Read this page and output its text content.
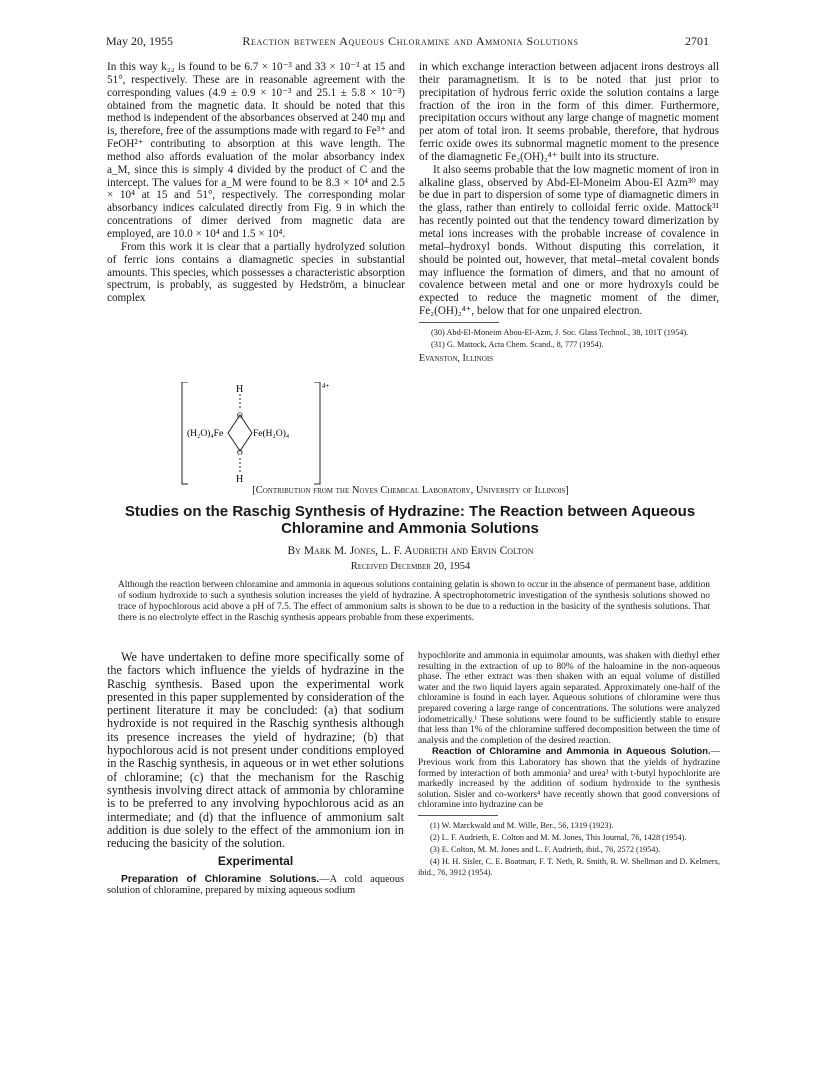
May 20, 1955	Reaction between Aqueous Chloramine and Ammonia Solutions	2701

In this way k₂₂ is found to be 6.7 × 10⁻³ and 33 × 10⁻³ at 15 and 51°, respectively. These are in reasonable agreement with the corresponding values (4.9 ± 0.9 × 10⁻³ and 25.1 ± 5.8 × 10⁻³) obtained from the magnetic data. It should be noted that this method is independent of the absorbances observed at 240 mμ and is, therefore, free of the assumptions made with regard to Fe³⁺ and FeOH²⁺ contributing to absorption at this wave length. The method also affords evaluation of the molar absorbancy index a_M, since this is simply 4 divided by the product of C and the intercept. The values for a_M were found to be 8.3 × 10⁴ and 2.5 × 10⁴ at 15 and 51°, respectively. The corresponding molar absorbancy indices calculated directly from Fig. 9 in which the concentrations of dimer derived from magnetic data are employed, are 10.0 × 10⁴ and 1.5 × 10⁴.

From this work it is clear that a partially hydrolyzed solution of ferric ions contains a diamagnetic species in substantial amounts. This species, which possesses a characteristic absorption spectrum, is probably, as suggested by Hedström, a binuclear complex

H
H
O
O
(H₂O)₄Fe	Fe(H₂O)₄
4+

in which exchange interaction between adjacent irons destroys all their paramagnetism. It is to be noted that just prior to precipitation of hydrous ferric oxide the solution contains a large fraction of the iron in the form of this dimer. Furthermore, precipitation occurs without any large change of magnetic moment per atom of total iron. It seems probable, therefore, that hydrous ferric oxide owes its subnormal magnetic moment to the presence of the diamagnetic Fe₂(OH)₂⁴⁺ built into its structure.

It also seems probable that the low magnetic moment of iron in alkaline glass, observed by Abd-El-Moneim Abou-El Azm³⁰ may be due in part to dispersion of some type of diamagnetic dimers in the glass, rather than entirely to colloidal ferric oxide. Mattock³¹ has recently pointed out that the tendency toward dimerization by metal ions increases with the probable increase of covalence in metal–hydroxyl bonds. Without disputing this correlation, it should be pointed out, however, that metal–metal covalent bonds may influence the formation of dimers, and that no amount of covalence between metal and one or more hydroxyls could be expected to reduce the magnetic moment of the dimer, Fe₂(OH)₂⁴⁺, below that for one unpaired electron.

(30) Abd-El-Moneim Abou-El-Azm, J. Soc. Glass Technol., 38, 101T (1954).

(31) G. Mattock, Acta Chem. Scand., 8, 777 (1954).

Evanston, Illinois

[Contribution from the Noyes Chemical Laboratory, University of Illinois]
Studies on the Raschig Synthesis of Hydrazine: The Reaction between Aqueous Chloramine and Ammonia Solutions
By Mark M. Jones, L. F. Audrieth and Ervin Colton
Received December 20, 1954
Although the reaction between chloramine and ammonia in aqueous solutions containing gelatin is shown to occur in the absence of permanent base, addition of sodium hydroxide to such a synthesis solution increases the yield of hydrazine. A spectrophotometric investigation of the synthesis solutions showed no trace of hypochlorous acid above a pH of 7.5. The effect of ammonium salts is shown to be due to a reduction in the basicity of the synthesis solutions. That there is no electrolyte effect in the Raschig synthesis appears probable from these experiments.

We have undertaken to define more specifically some of the factors which influence the yields of hydrazine in the Raschig synthesis. Based upon the experimental work presented in this paper supplemented by consideration of the pertinent literature it may be concluded: (a) that sodium hydroxide is not required in the Raschig synthesis although its presence increases the yield of hydrazine; (b) that hypochlorous acid is not present under conditions employed in the Raschig synthesis, in aqueous or in wet ether solutions of chloramine; (c) that the mechanism for the Raschig synthesis involving direct attack of ammonia by chloramine is to be preferred to any involving hypochlorous acid as an intermediate; and (d) that the influence of ammonium salt addition is due solely to the effect of the ammonium ion in reducing the basicity of the solution.

Experimental

Preparation of Chloramine Solutions.—A cold aqueous solution of chloramine, prepared by mixing aqueous sodium

hypochlorite and ammonia in equimolar amounts, was shaken with diethyl ether resulting in the extraction of up to 80% of the haloamine in the non-aqueous phase. The ether extract was then shaken with an equal volume of distilled water and the two liquid layers again separated. Approximately one-half of the chloramine is found in each layer. Aqueous solutions of chloramine were thus prepared covering a large range of concentrations. The solutions were analyzed iodometrically.¹ These solutions were found to be sufficiently stable to ensure that less than 1% of the chloramine suffered decomposition between the time of analysis and the completion of the desired reaction.

Reaction of Chloramine and Ammonia in Aqueous Solution.—Previous work from this Laboratory has shown that the yields of hydrazine formed by interaction of both ammonia² and urea³ with t-butyl hypochlorite are markedly increased by the addition of sodium hydroxide to the synthesis solution. Sisler and co-workers⁴ have recently shown that good conversions of chloramine into hydrazine can be

(1) W. Marckwald and M. Wille, Ber., 56, 1319 (1923).

(2) L. F. Audrieth, E. Colton and M. M. Jones, This Journal, 76, 1428 (1954).

(3) E. Colton, M. M. Jones and L. F. Audrieth, ibid., 76, 2572 (1954).

(4) H. H. Sisler, C. E. Boatman, F. T. Neth, R. Smith, R. W. Shellman and D. Kelmers, ibid., 76, 3912 (1954).
